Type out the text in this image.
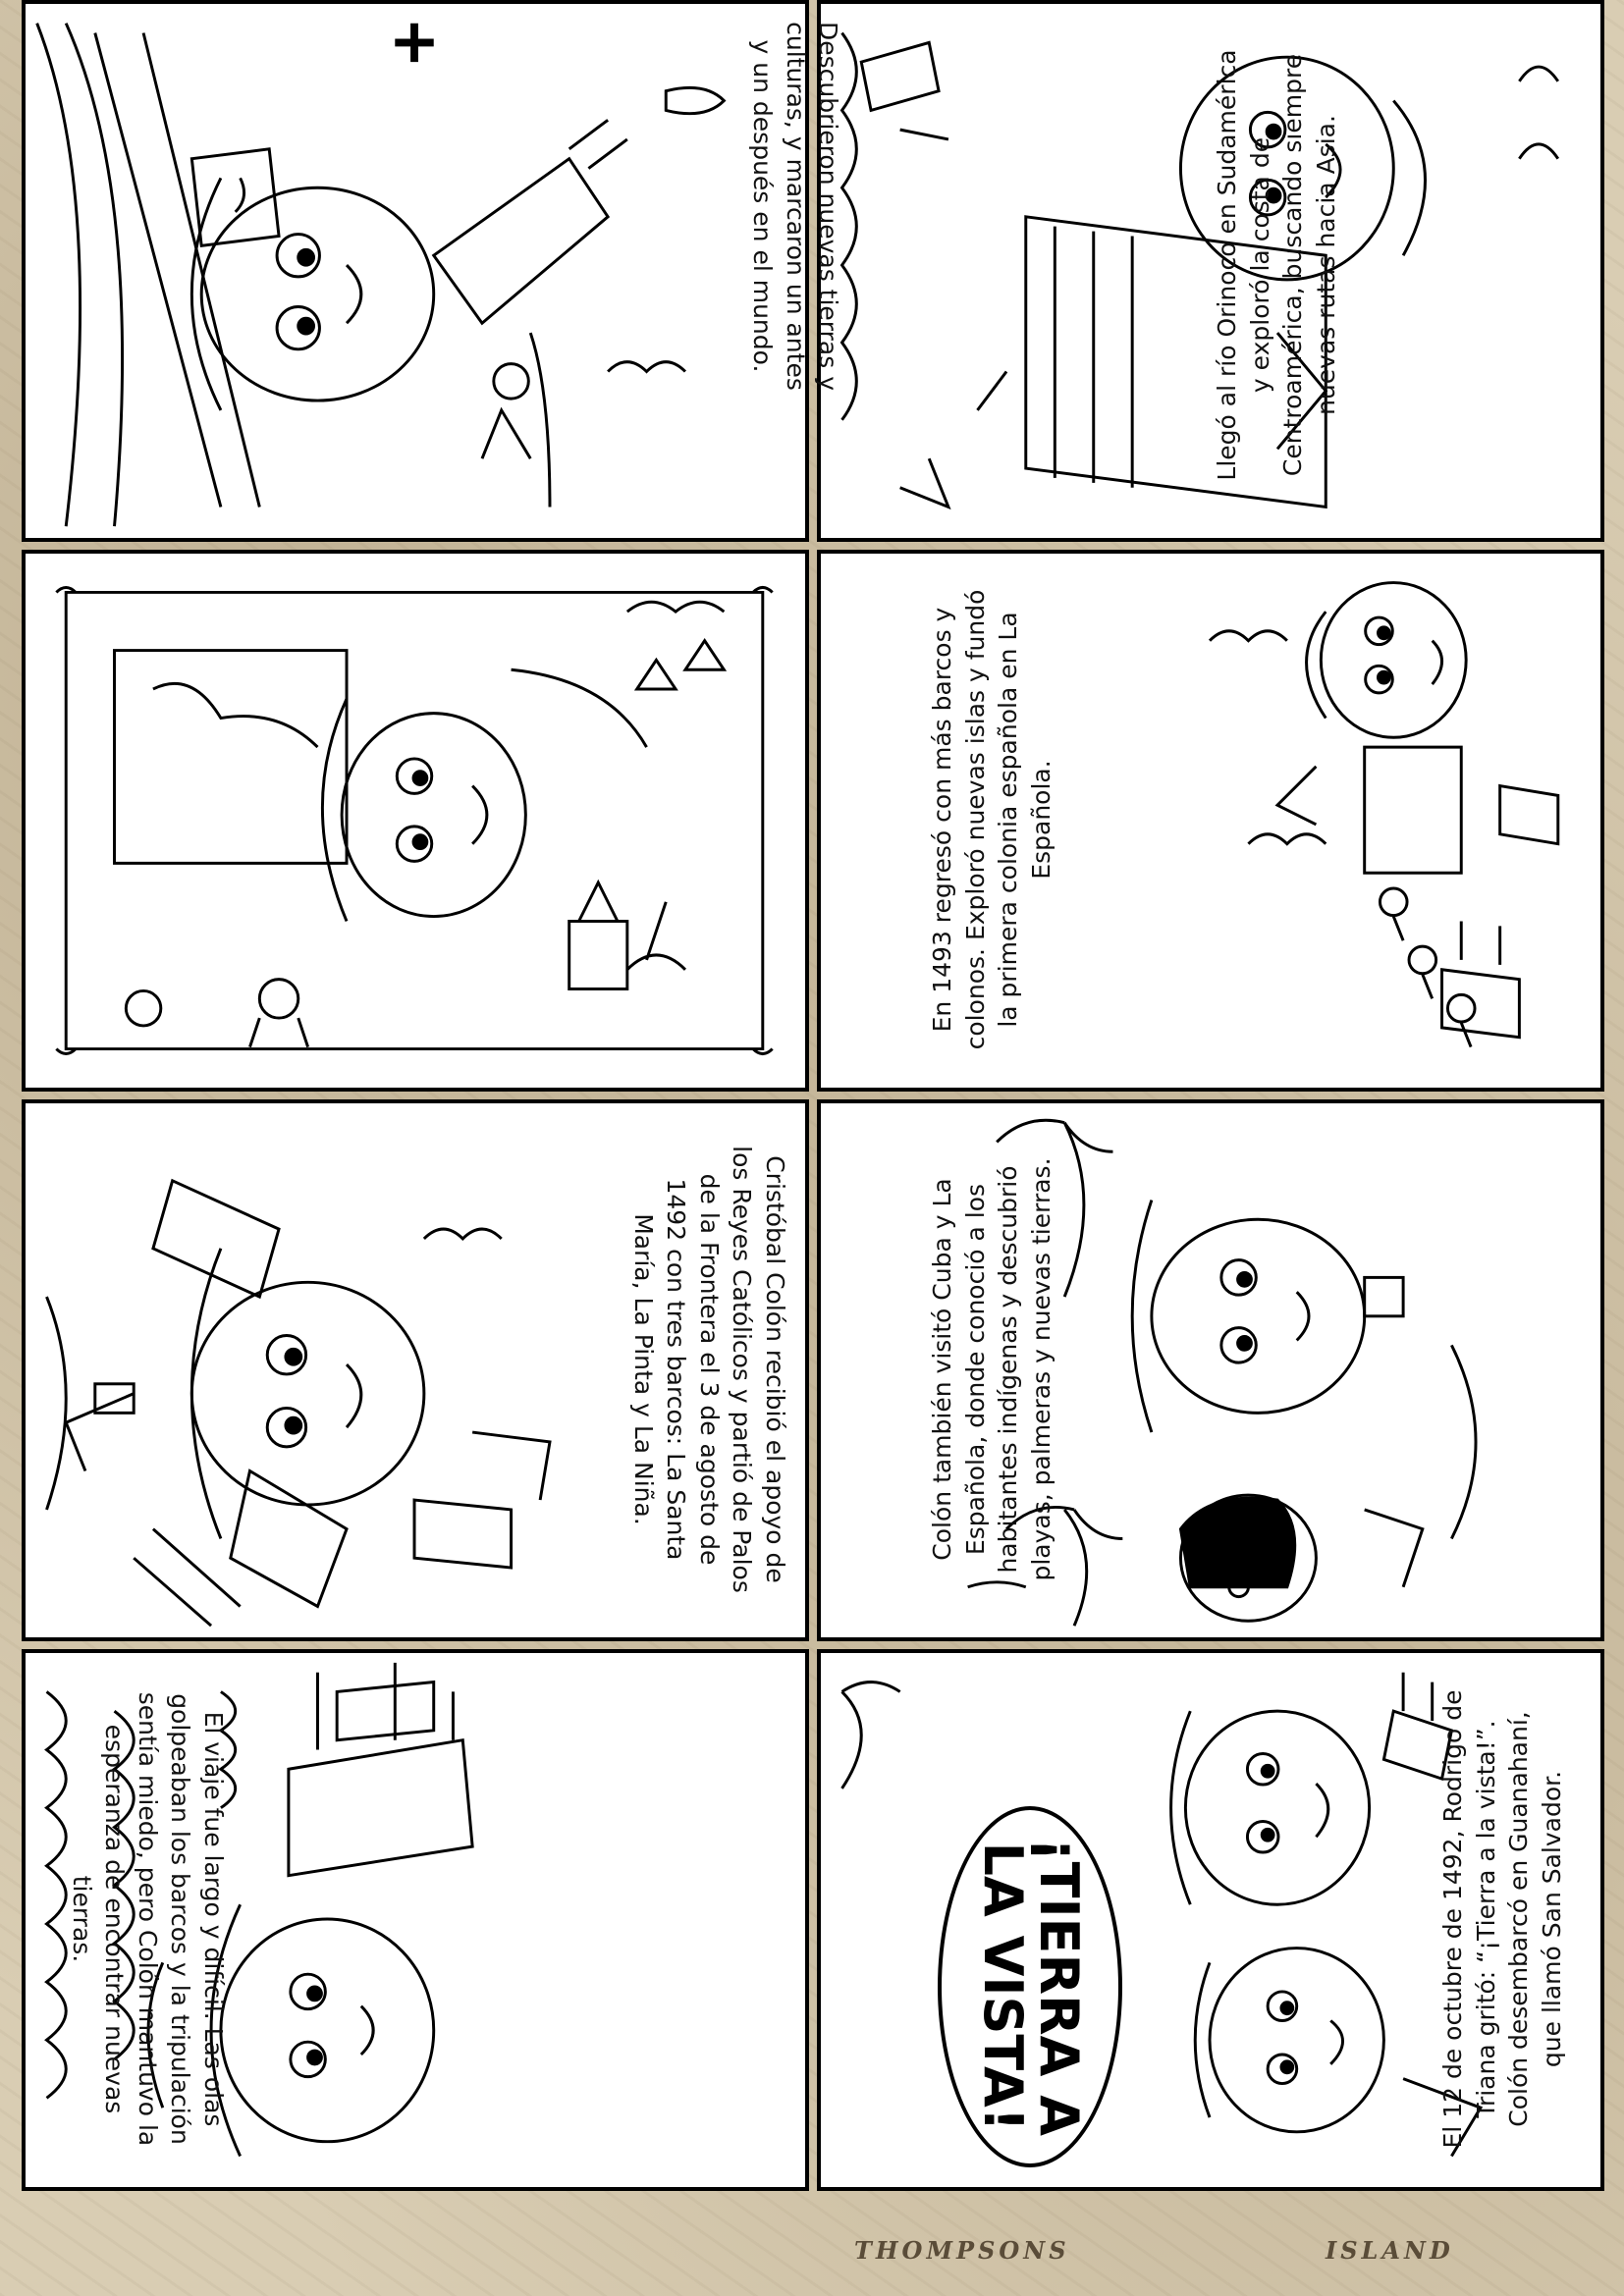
THOMPSONS	ISLAND

Descubrieron nuevas tierras y culturas, y marcaron un antes y un después en el mundo.	Llegó al río Orinoco en Sudamérica y exploró la costa de Centroamérica, buscando siempre nuevas rutas hacia Asia.

En 1493 regresó con más barcos y colonos. Exploró nuevas islas y fundó la primera colonia española en La Española.

Cristóbal Colón recibió el apoyo de los Reyes Católicos y partió de Palos de la Frontera el 3 de agosto de 1492 con tres barcos: La Santa María, La Pinta y La Niña.	Colón también visitó Cuba y La Española, donde conoció a los habitantes indígenas y descubrió playas, palmeras y nuevas tierras.

El viaje fue largo y difícil. Las olas golpeaban los barcos y la tripulación sentía miedo, pero Colón mantuvo la esperanza de encontrar nuevas tierras.	El 12 de octubre de 1492, Rodrigo de Triana gritó: “¡Tierra a la vista!”. Colón desembarcó en Guanahaní, que llamó San Salvador.

¡TIERRA A LA VISTA!
